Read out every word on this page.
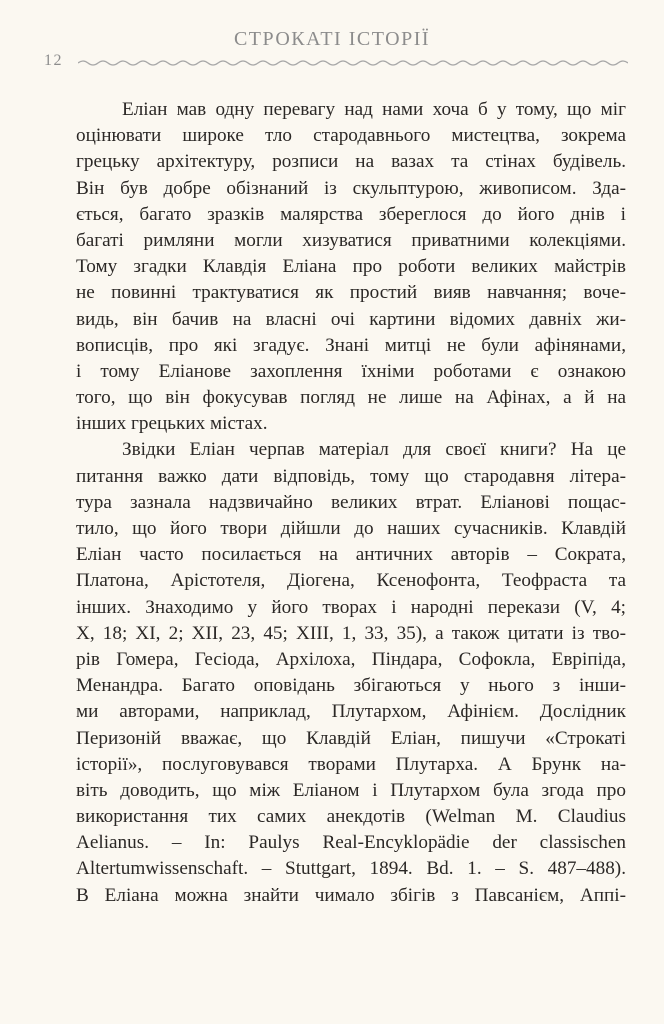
СТРОКАТІ ІСТОРІЇ
12
Еліан мав одну перевагу над нами хоча б у тому, що міг
оцінювати широке тло стародавнього мистецтва, зокрема
грецьку архітектуру, розписи на вазах та стінах будівель.
Він був добре обізнаний із скульптурою, живописом. Зда-
ється, багато зразків малярства збереглося до його днів і
багаті римляни могли хизуватися приватними колекціями.
Тому згадки Клавдія Еліана про роботи великих майстрів
не повинні трактуватися як простий вияв навчання; воче-
видь, він бачив на власні очі картини відомих давніх жи-
вописців, про які згадує. Знані митці не були афінянами,
і тому Еліанове захоплення їхніми роботами є ознакою
того, що він фокусував погляд не лише на Афінах, а й на
інших грецьких містах.
Звідки Еліан черпав матеріал для своєї книги? На це
питання важко дати відповідь, тому що стародавня літера-
тура зазнала надзвичайно великих втрат. Еліанові пощас-
тило, що його твори дійшли до наших сучасників. Клавдій
Еліан часто посилається на античних авторів – Сократа,
Платона, Арістотеля, Діогена, Ксенофонта, Теофраста та
інших. Знаходимо у його творах і народні перекази (V, 4;
X, 18; XI, 2; XII, 23, 45; XIII, 1, 33, 35), а також цитати із тво-
рів Гомера, Гесіода, Архілоха, Піндара, Софокла, Евріпіда,
Менандра. Багато оповідань збігаються у нього з інши-
ми авторами, наприклад, Плутархом, Афінієм. Дослідник
Перизоній вважає, що Клавдій Еліан, пишучи «Строкаті
історії», послуговувався творами Плутарха. А Брунк на-
віть доводить, що між Еліаном і Плутархом була згода про
використання тих самих анекдотів (Welman M. Claudius
Aelianus. – In: Paulys Real-Encyklopädie der classischen
Altertumwissenschaft. – Stuttgart, 1894. Bd. 1. – S. 487–488).
В Еліана можна знайти чимало збігів з Павсанієм, Аппі-
